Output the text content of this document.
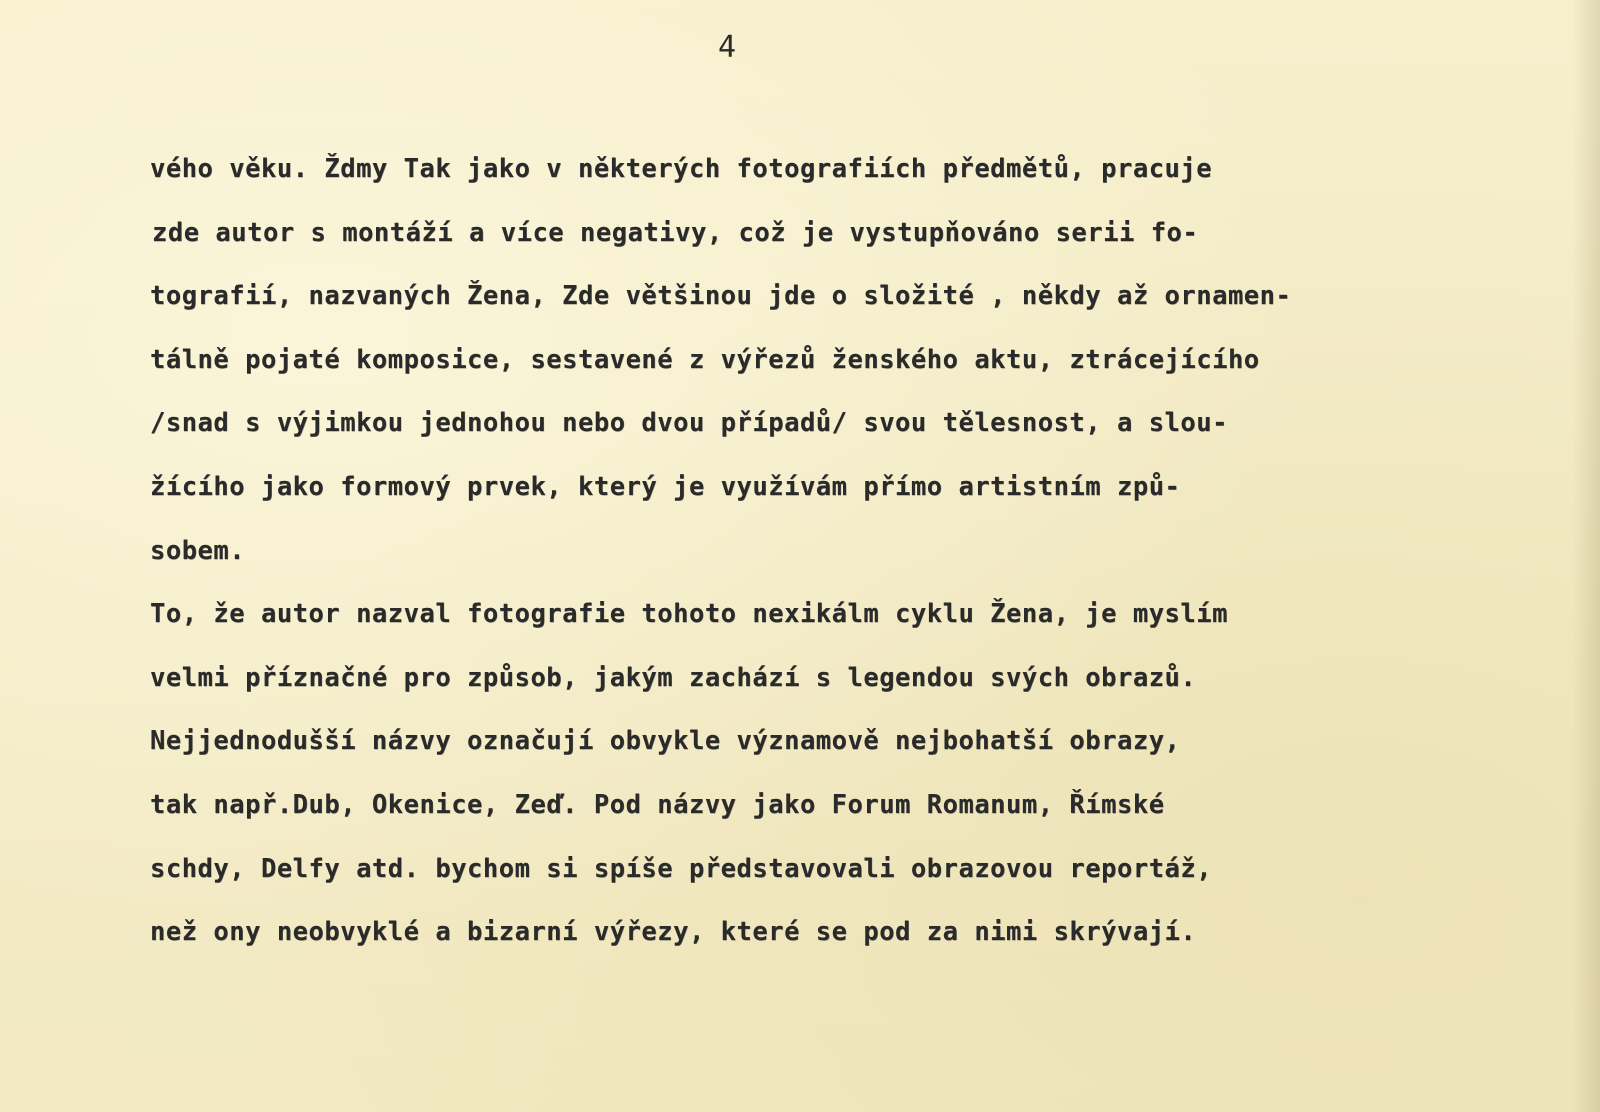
4
vého věku. Ždmy Tak jako v některých fotografiích předmětů, pracuje
zde autor s montáží a více negativy, což je vystupňováno serii fo-
tografií, nazvaných Žena, Zde většinou jde o složité , někdy až ornamen-
tálně pojaté komposice, sestavené z výřezů ženského aktu, ztrácejícího
/snad s výjimkou jednohou nebo dvou případů/ svou tělesnost, a slou-
žícího jako formový prvek, který je využívám přímo artistním způ-
sobem.
To, že autor nazval fotografie tohoto nexikálm cyklu Žena, je myslím
velmi příznačné pro způsob, jakým zachází s legendou svých obrazů.
Nejjednodušší názvy označují obvykle významově nejbohatší obrazy,
tak např.Dub, Okenice, Zeď. Pod názvy jako Forum Romanum, Římské
schdy, Delfy atd. bychom si spíše představovali obrazovou reportáž,
než ony neobvyklé a bizarní výřezy, které se pod za nimi skrývají.
